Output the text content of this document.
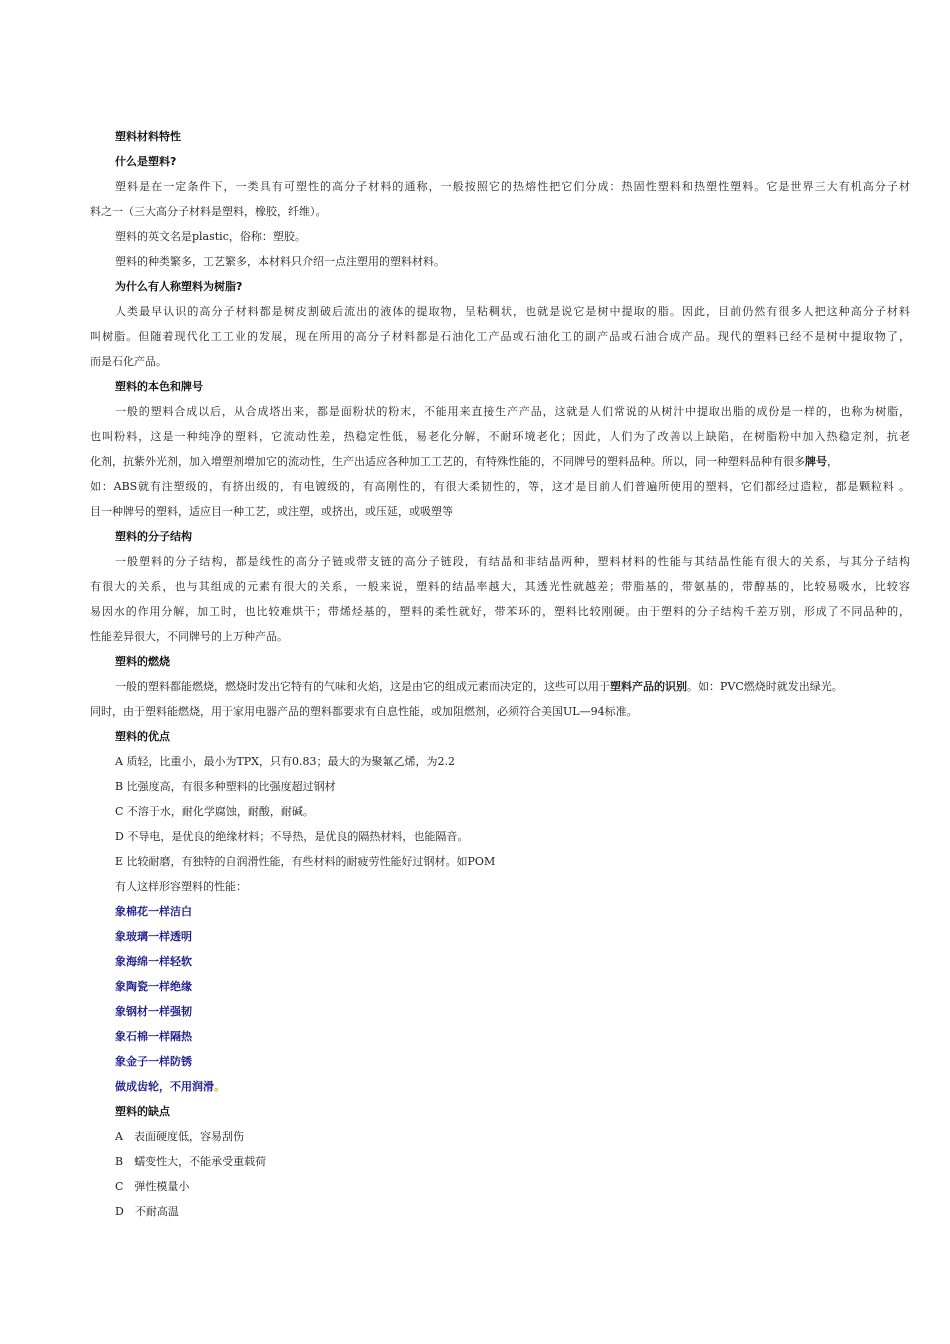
塑料材料特性
什么是塑料?
塑料是在一定条件下，一类具有可塑性的高分子材料的通称，一般按照它的热熔性把它们分成：热固性塑料和热塑性塑料。它是世界三大有机高分子材
料之一（三大高分子材料是塑料，橡胶，纤维）。
塑料的英文名是plastic，俗称：塑胶。
塑料的种类繁多，工艺繁多，本材料只介绍一点注塑用的塑料材料。
为什么有人称塑料为树脂?
人类最早认识的高分子材料都是树皮割破后流出的液体的提取物，呈粘稠状，也就是说它是树中提取的脂。因此，目前仍然有很多人把这种高分子材料
叫树脂。但随着现代化工工业的发展，现在所用的高分子材料都是石油化工产品或石油化工的副产品或石油合成产品。现代的塑料已经不是树中提取物了，
而是石化产品。
塑料的本色和牌号
一般的塑料合成以后，从合成塔出来，都是面粉状的粉末，不能用来直接生产产品，这就是人们常说的从树汁中提取出脂的成份是一样的，也称为树脂，
也叫粉料，这是一种纯净的塑料，它流动性差，热稳定性低，易老化分解，不耐环境老化；因此，人们为了改善以上缺陷，在树脂粉中加入热稳定剂，抗老
化剂，抗紫外光剂，加入增塑剂增加它的流动性，生产出适应各种加工工艺的，有特殊性能的，不同牌号的塑料品种。所以，同一种塑料品种有很多牌号，
如：ABS就有注塑级的，有挤出级的，有电镀级的，有高刚性的，有很大柔韧性的，等，这才是目前人们普遍所使用的塑料，它们都经过造粒，都是颗粒料 。
目一种牌号的塑料，适应目一种工艺，或注塑，或挤出，或压延，或吸塑等
塑料的分子结构
一般塑料的分子结构，都是线性的高分子链或带支链的高分子链段，有结晶和非结晶两种，塑料材料的性能与其结晶性能有很大的关系，与其分子结构
有很大的关系，也与其组成的元素有很大的关系，一般来说，塑料的结晶率越大，其透光性就越差；带脂基的，带氨基的，带醇基的，比较易吸水，比较容
易因水的作用分解，加工时，也比较难烘干；带烯烃基的，塑料的柔性就好，带苯环的，塑料比较刚硬。由于塑料的分子结构千差万别，形成了不同品种的，
性能差异很大，不同牌号的上万种产品。
塑料的燃烧
一般的塑料都能燃烧，燃烧时发出它特有的气味和火焰，这是由它的组成元素而决定的，这些可以用于塑料产品的识别。如：PVC燃烧时就发出绿光。
同时，由于塑料能燃烧，用于家用电器产品的塑料都要求有自息性能，或加阻燃剂，必须符合美国UL—94标准。
塑料的优点
A 质轻，比重小，最小为TPX，只有0.83；最大的为聚氟乙烯，为2.2
B 比强度高，有很多种塑料的比强度超过钢材
C 不溶于水，耐化学腐蚀，耐酸，耐碱。
D 不导电，是优良的绝缘材料；不导热，是优良的隔热材料，也能隔音。
E 比较耐磨，有独特的自润滑性能，有些材料的耐疲劳性能好过钢材。如POM
有人这样形容塑料的性能：
象棉花一样洁白
象玻璃一样透明
象海绵一样轻软
象陶瓷一样绝缘
象钢材一样强韧
象石棉一样隔热
象金子一样防锈
做成齿轮，不用润滑。
塑料的缺点
A　表面硬度低，容易刮伤
B　蠕变性大，不能承受重载荷
C　弹性模量小
D　不耐高温
